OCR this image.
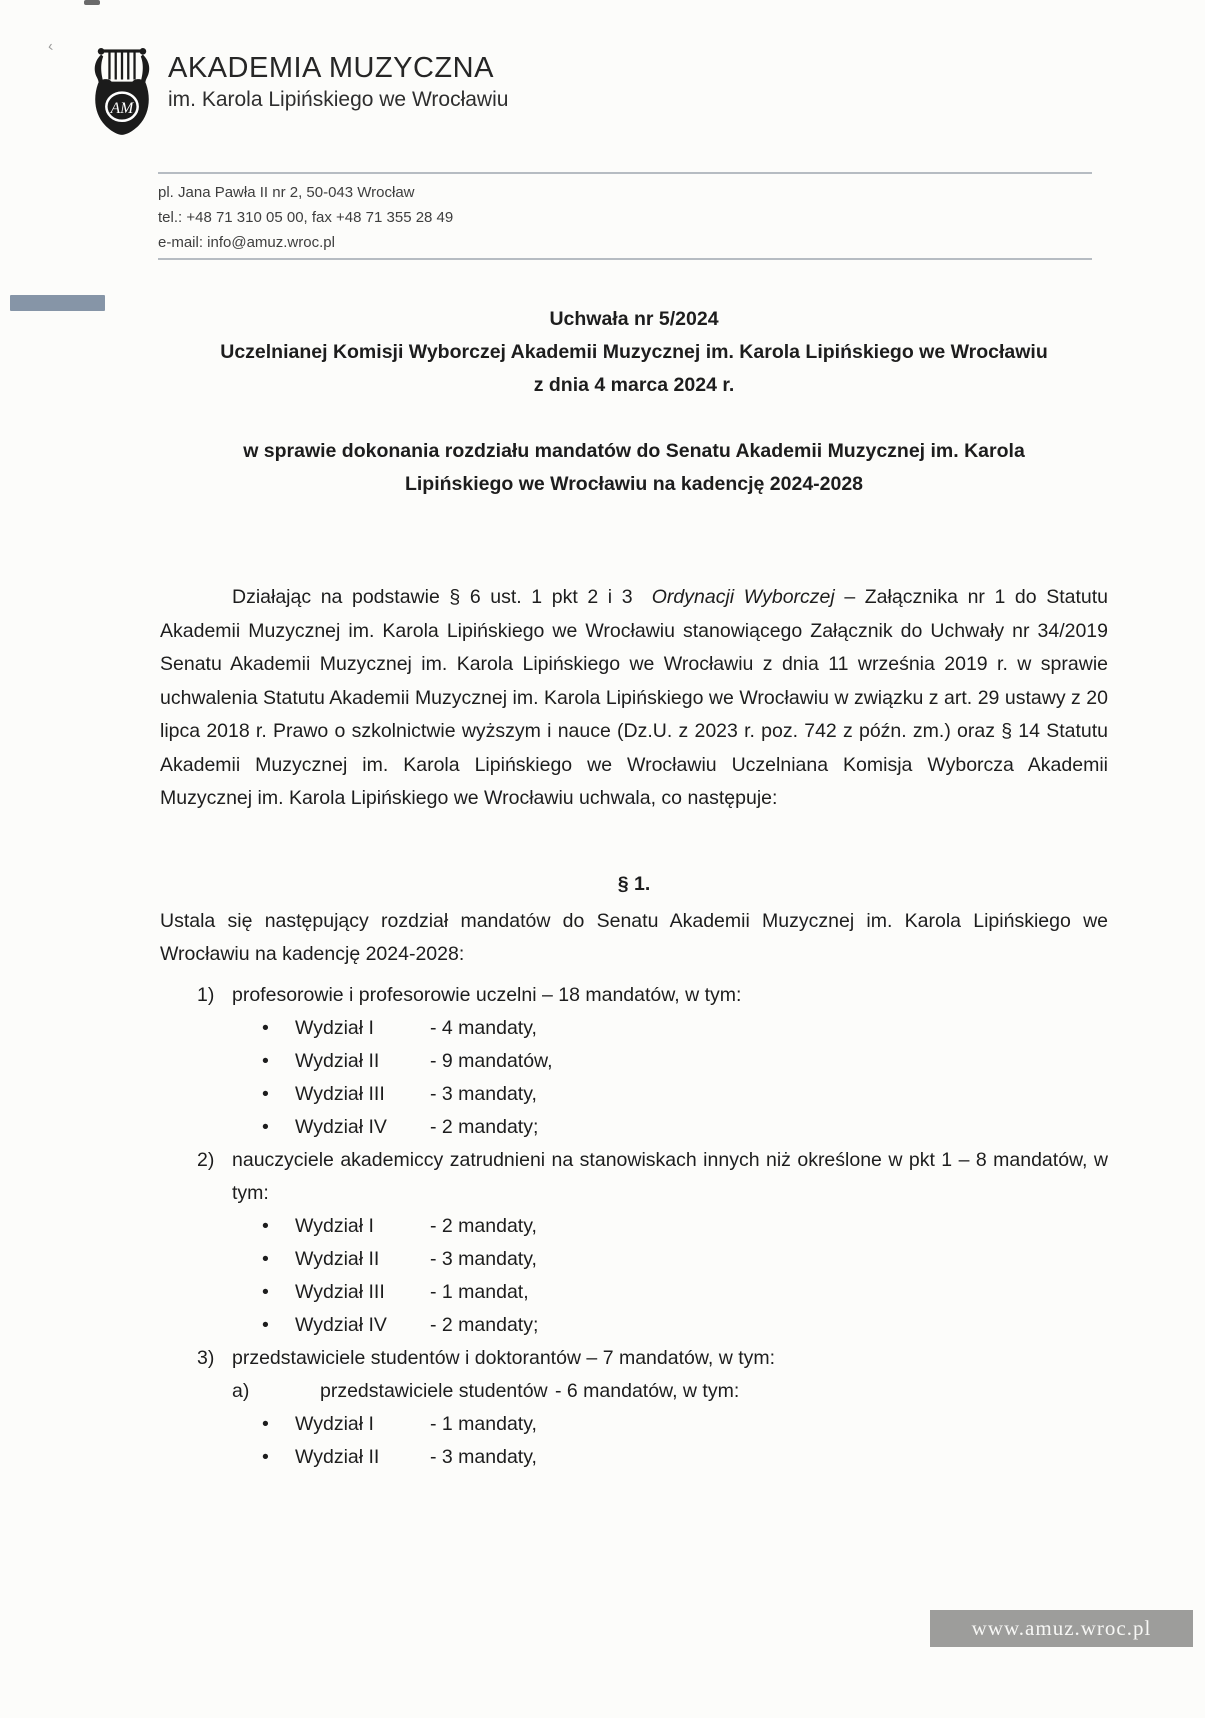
‹
AM
AKADEMIA MUZYCZNA
im. Karola Lipińskiego we Wrocławiu
pl. Jana Pawła II nr 2, 50-043 Wrocław
tel.: +48 71 310 05 00, fax +48 71 355 28 49
e-mail: info@amuz.wroc.pl
Uchwała nr 5/2024
Uczelnianej Komisji Wyborczej Akademii Muzycznej im. Karola Lipińskiego we Wrocławiu
z dnia 4 marca 2024 r.
w sprawie dokonania rozdziału mandatów do Senatu Akademii Muzycznej im. Karola
Lipińskiego we Wrocławiu na kadencję 2024-2028

Działając na podstawie § 6 ust. 1 pkt 2 i 3  Ordynacji Wyborczej – Załącznika nr 1 do Statutu Akademii Muzycznej im. Karola Lipińskiego we Wrocławiu stanowiącego Załącznik do Uchwały nr 34/2019 Senatu Akademii Muzycznej im. Karola Lipińskiego we Wrocławiu z dnia 11 września 2019 r. w sprawie uchwalenia Statutu Akademii Muzycznej im. Karola Lipińskiego we Wrocławiu w związku z art. 29 ustawy z 20 lipca 2018 r. Prawo o szkolnictwie wyższym i nauce (Dz.U. z 2023 r. poz. 742 z późn. zm.) oraz § 14 Statutu Akademii Muzycznej im. Karola Lipińskiego we Wrocławiu Uczelniana Komisja Wyborcza Akademii Muzycznej im. Karola Lipińskiego we Wrocławiu uchwala, co następuje:

§ 1.

Ustala się następujący rozdział mandatów do Senatu Akademii Muzycznej im. Karola Lipińskiego we Wrocławiu na kadencję 2024-2028:

1) profesorowie i profesorowie uczelni – 18 mandatów, w tym:
•	Wydział I	- 4 mandaty,
•	Wydział II	- 9 mandatów,
•	Wydział III	- 3 mandaty,
•	Wydział IV	- 2 mandaty;
2) nauczyciele akademiccy zatrudnieni na stanowiskach innych niż określone w pkt 1 – 8 mandatów, w tym:
•	Wydział I	- 2 mandaty,
•	Wydział II	- 3 mandaty,
•	Wydział III	- 1 mandat,
•	Wydział IV	- 2 mandaty;
3) przedstawiciele studentów i doktorantów – 7 mandatów, w tym:
a)	przedstawiciele studentów - 6 mandatów, w tym:
•	Wydział I	- 1 mandaty,
•	Wydział II	- 3 mandaty,
www.amuz.wroc.pl
